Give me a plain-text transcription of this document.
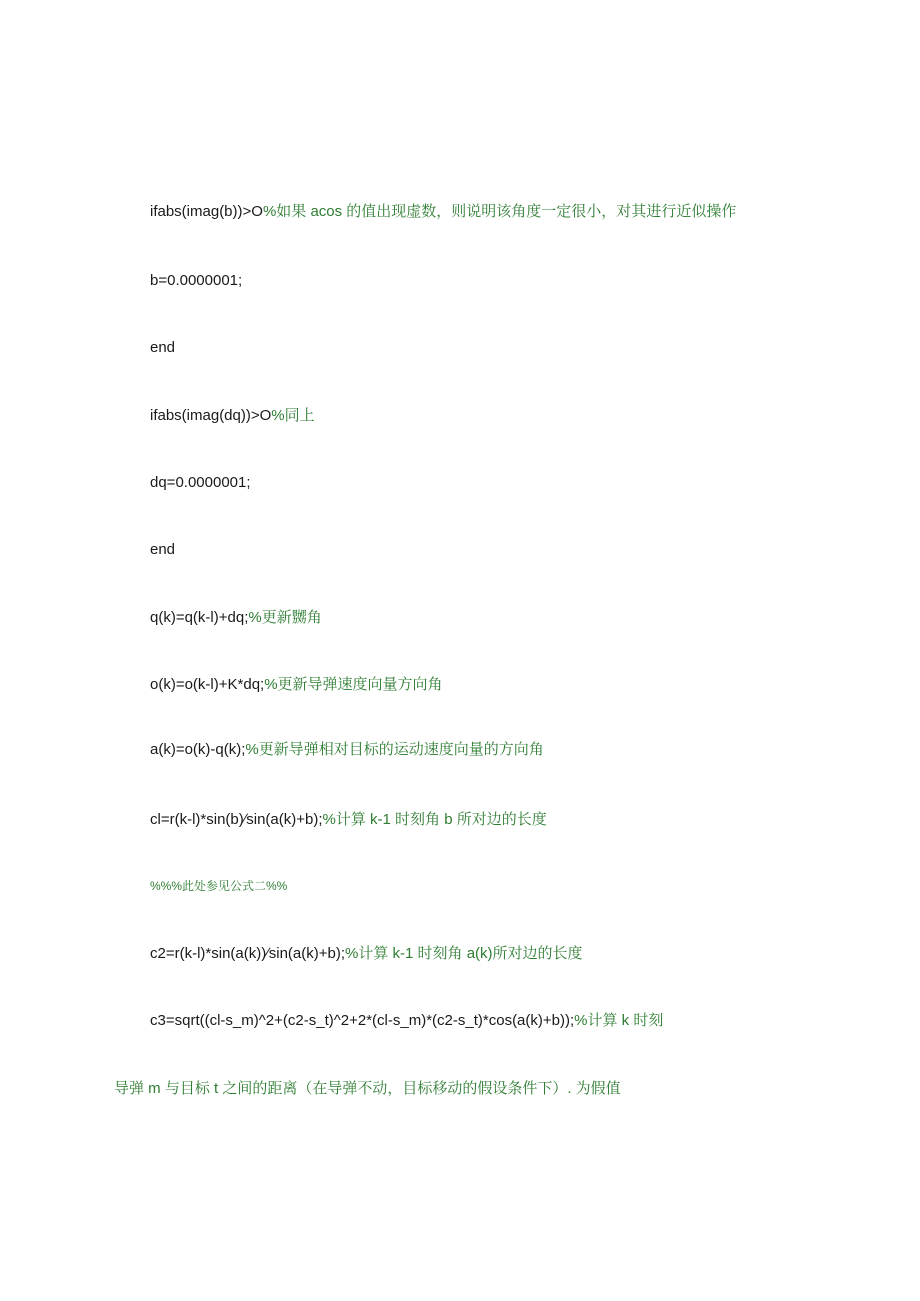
ifabs(imag(b))>O%如果 acos 的值出现虚数，则说明该角度一定很小，对其进行近似操作
b=0.0000001;
end
ifabs(imag(dq))>O%同上
dq=0.0000001;
end
q(k)=q(k-l)+dq;%更新嬲角
o(k)=o(k-l)+K*dq;%更新导弹速度向量方向角
a(k)=o(k)-q(k);%更新导弹相对目标的运动速度向量的方向角
cl=r(k-l)*sin(b)∕sin(a(k)+b);%计算 k-1 时刻角 b 所对边的长度
%%%此处参见公式二%%
c2=r(k-l)*sin(a(k))∕sin(a(k)+b);%计算 k-1 时刻角 a(k)所对边的长度
c3=sqrt((cl-s_m)^2+(c2-s_t)^2+2*(cl-s_m)*(c2-s_t)*cos(a(k)+b));%计算 k 时刻
导弹 m 与目标 t 之间的距离（在导弹不动，目标移动的假设条件下）. 为假值
